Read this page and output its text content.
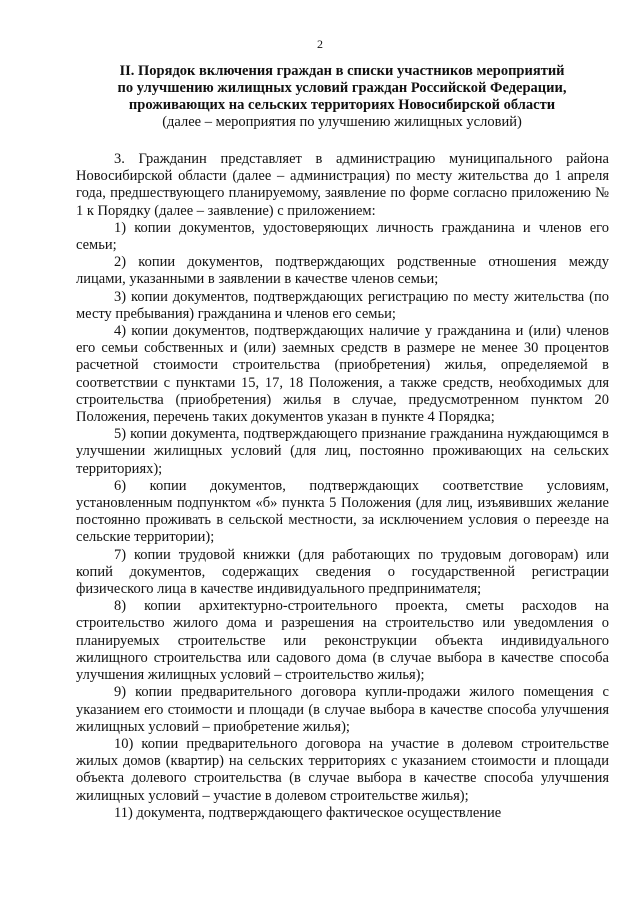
2
II. Порядок включения граждан в списки участников мероприятий
по улучшению жилищных условий граждан Российской Федерации,
проживающих на сельских территориях Новосибирской области
(далее – мероприятия по улучшению жилищных условий)

3. Гражданин представляет в администрацию муниципального района Новосибирской области (далее – администрация) по месту жительства до 1 апреля года, предшествующего планируемому, заявление по форме согласно приложению № 1 к Порядку (далее – заявление) с приложением:

1) копии документов, удостоверяющих личность гражданина и членов его семьи;

2) копии документов, подтверждающих родственные отношения между лицами, указанными в заявлении в качестве членов семьи;

3) копии документов, подтверждающих регистрацию по месту жительства (по месту пребывания) гражданина и членов его семьи;

4) копии документов, подтверждающих наличие у гражданина и (или) членов его семьи собственных и (или) заемных средств в размере не менее 30 процентов расчетной стоимости строительства (приобретения) жилья, определяемой в соответствии с пунктами 15, 17, 18 Положения, а также средств, необходимых для строительства (приобретения) жилья в случае, предусмотренном пунктом 20 Положения, перечень таких документов указан в пункте 4 Порядка;

5) копии документа, подтверждающего признание гражданина нуждающимся в улучшении жилищных условий (для лиц, постоянно проживающих на сельских территориях);

6) копии документов, подтверждающих соответствие условиям, установленным подпунктом «б» пункта 5 Положения (для лиц, изъявивших желание постоянно проживать в сельской местности, за исключением условия о переезде на сельские территории);

7) копии трудовой книжки (для работающих по трудовым договорам) или копий документов, содержащих сведения о государственной регистрации физического лица в качестве индивидуального предпринимателя;

8) копии архитектурно-строительного проекта, сметы расходов на строительство жилого дома и разрешения на строительство или уведомления о планируемых строительстве или реконструкции объекта индивидуального жилищного строительства или садового дома (в случае выбора в качестве способа улучшения жилищных условий – строительство жилья);

9) копии предварительного договора купли-продажи жилого помещения с указанием его стоимости и площади (в случае выбора в качестве способа улучшения жилищных условий – приобретение жилья);

10) копии предварительного договора на участие в долевом строительстве жилых домов (квартир) на сельских территориях с указанием стоимости и площади объекта долевого строительства (в случае выбора в качестве способа улучшения жилищных условий – участие в долевом строительстве жилья);

11) документа, подтверждающего фактическое осуществление
